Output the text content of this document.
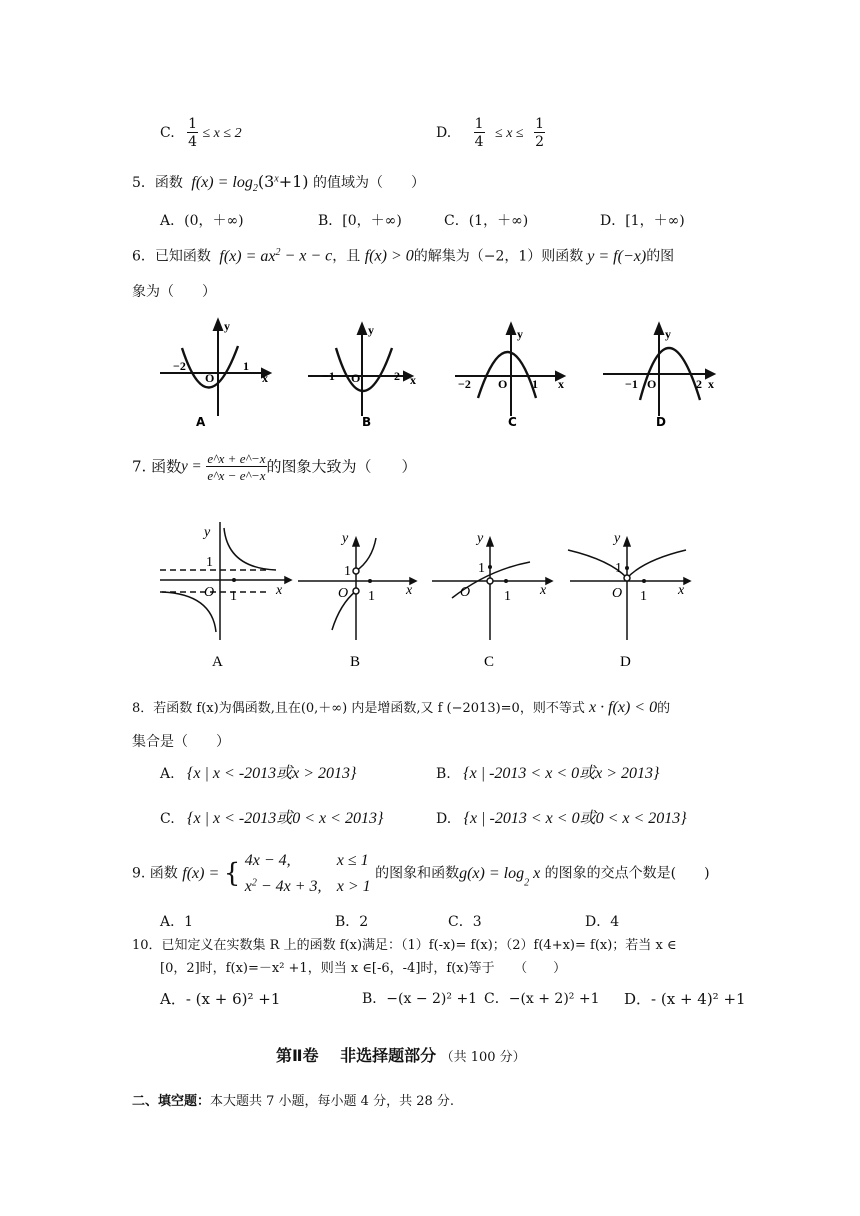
C. $\frac{1}{4} \le x \le 2$	D. $\frac{1}{4} \le x \le \frac{1}{2}$
5．函数 $f(x) = \log_2(3^x+1)$ 的值域为（　　）
A．(0，＋∞)	B．[0，＋∞)	C．(1，＋∞)	D．[1，＋∞)
6．已知函数 $f(x) = ax^2 - x - c$，且 f(x) > 0的解集为（−2，1）则函数 y = f(−x)的图
象为（　　）
y
−2
O
1
x
A
y
−1 O	2 x
B
y
−2 O 1 x
C
y
−1 O	2 x
D
7. 函数$y = \frac{e\^{}x + e\^{}-x}{e\^{}x - e\^{}-x}$ 的图象大致为（　　）
y
1
O 1	x
A
y
1
O 1 x
B
y
1
O 1 x
C
y
1
O 1 x
D
8．若函数 f(x)为偶函数,且在(0,＋∞) 内是增函数,又 f (−2013)=0，则不等式 x · f(x) < 0的
集合是（　　）
A. {x | x < -2013或x > 2013}	B. {x | -2013 < x < 0或x > 2013}
C. {x | x < -2013或0 < x < 2013}	D. {x | -2013 < x < 0或0 < x < 2013}
9. 函数 f(x) = { 4x − 4,	x ≤ 1
$x^2 - 4x + 3$, x > 1
的图象和函数$g(x) = \log_2 x$ 的图象的交点个数是(　　)
A．1	B．2	C．3	D．4
10．已知定义在实数集 R 上的函数 f(x)满足：（1）f(-x)= f(x)；（2）f(4+x)= f(x)；若当 x ∈
[0，2]时，f(x)=－x² +1，则当 x ∈[-6，-4]时，f(x)等于　　（　　）
A．- (x + 6)² +1	B．−(x − 2)² +1 C．−(x + 2)² +1 D．- (x + 4)² +1
第Ⅱ卷　 非选择题部分 （共 100 分）
二、填空题：本大题共 7 小题，每小题 4 分，共 28 分.
